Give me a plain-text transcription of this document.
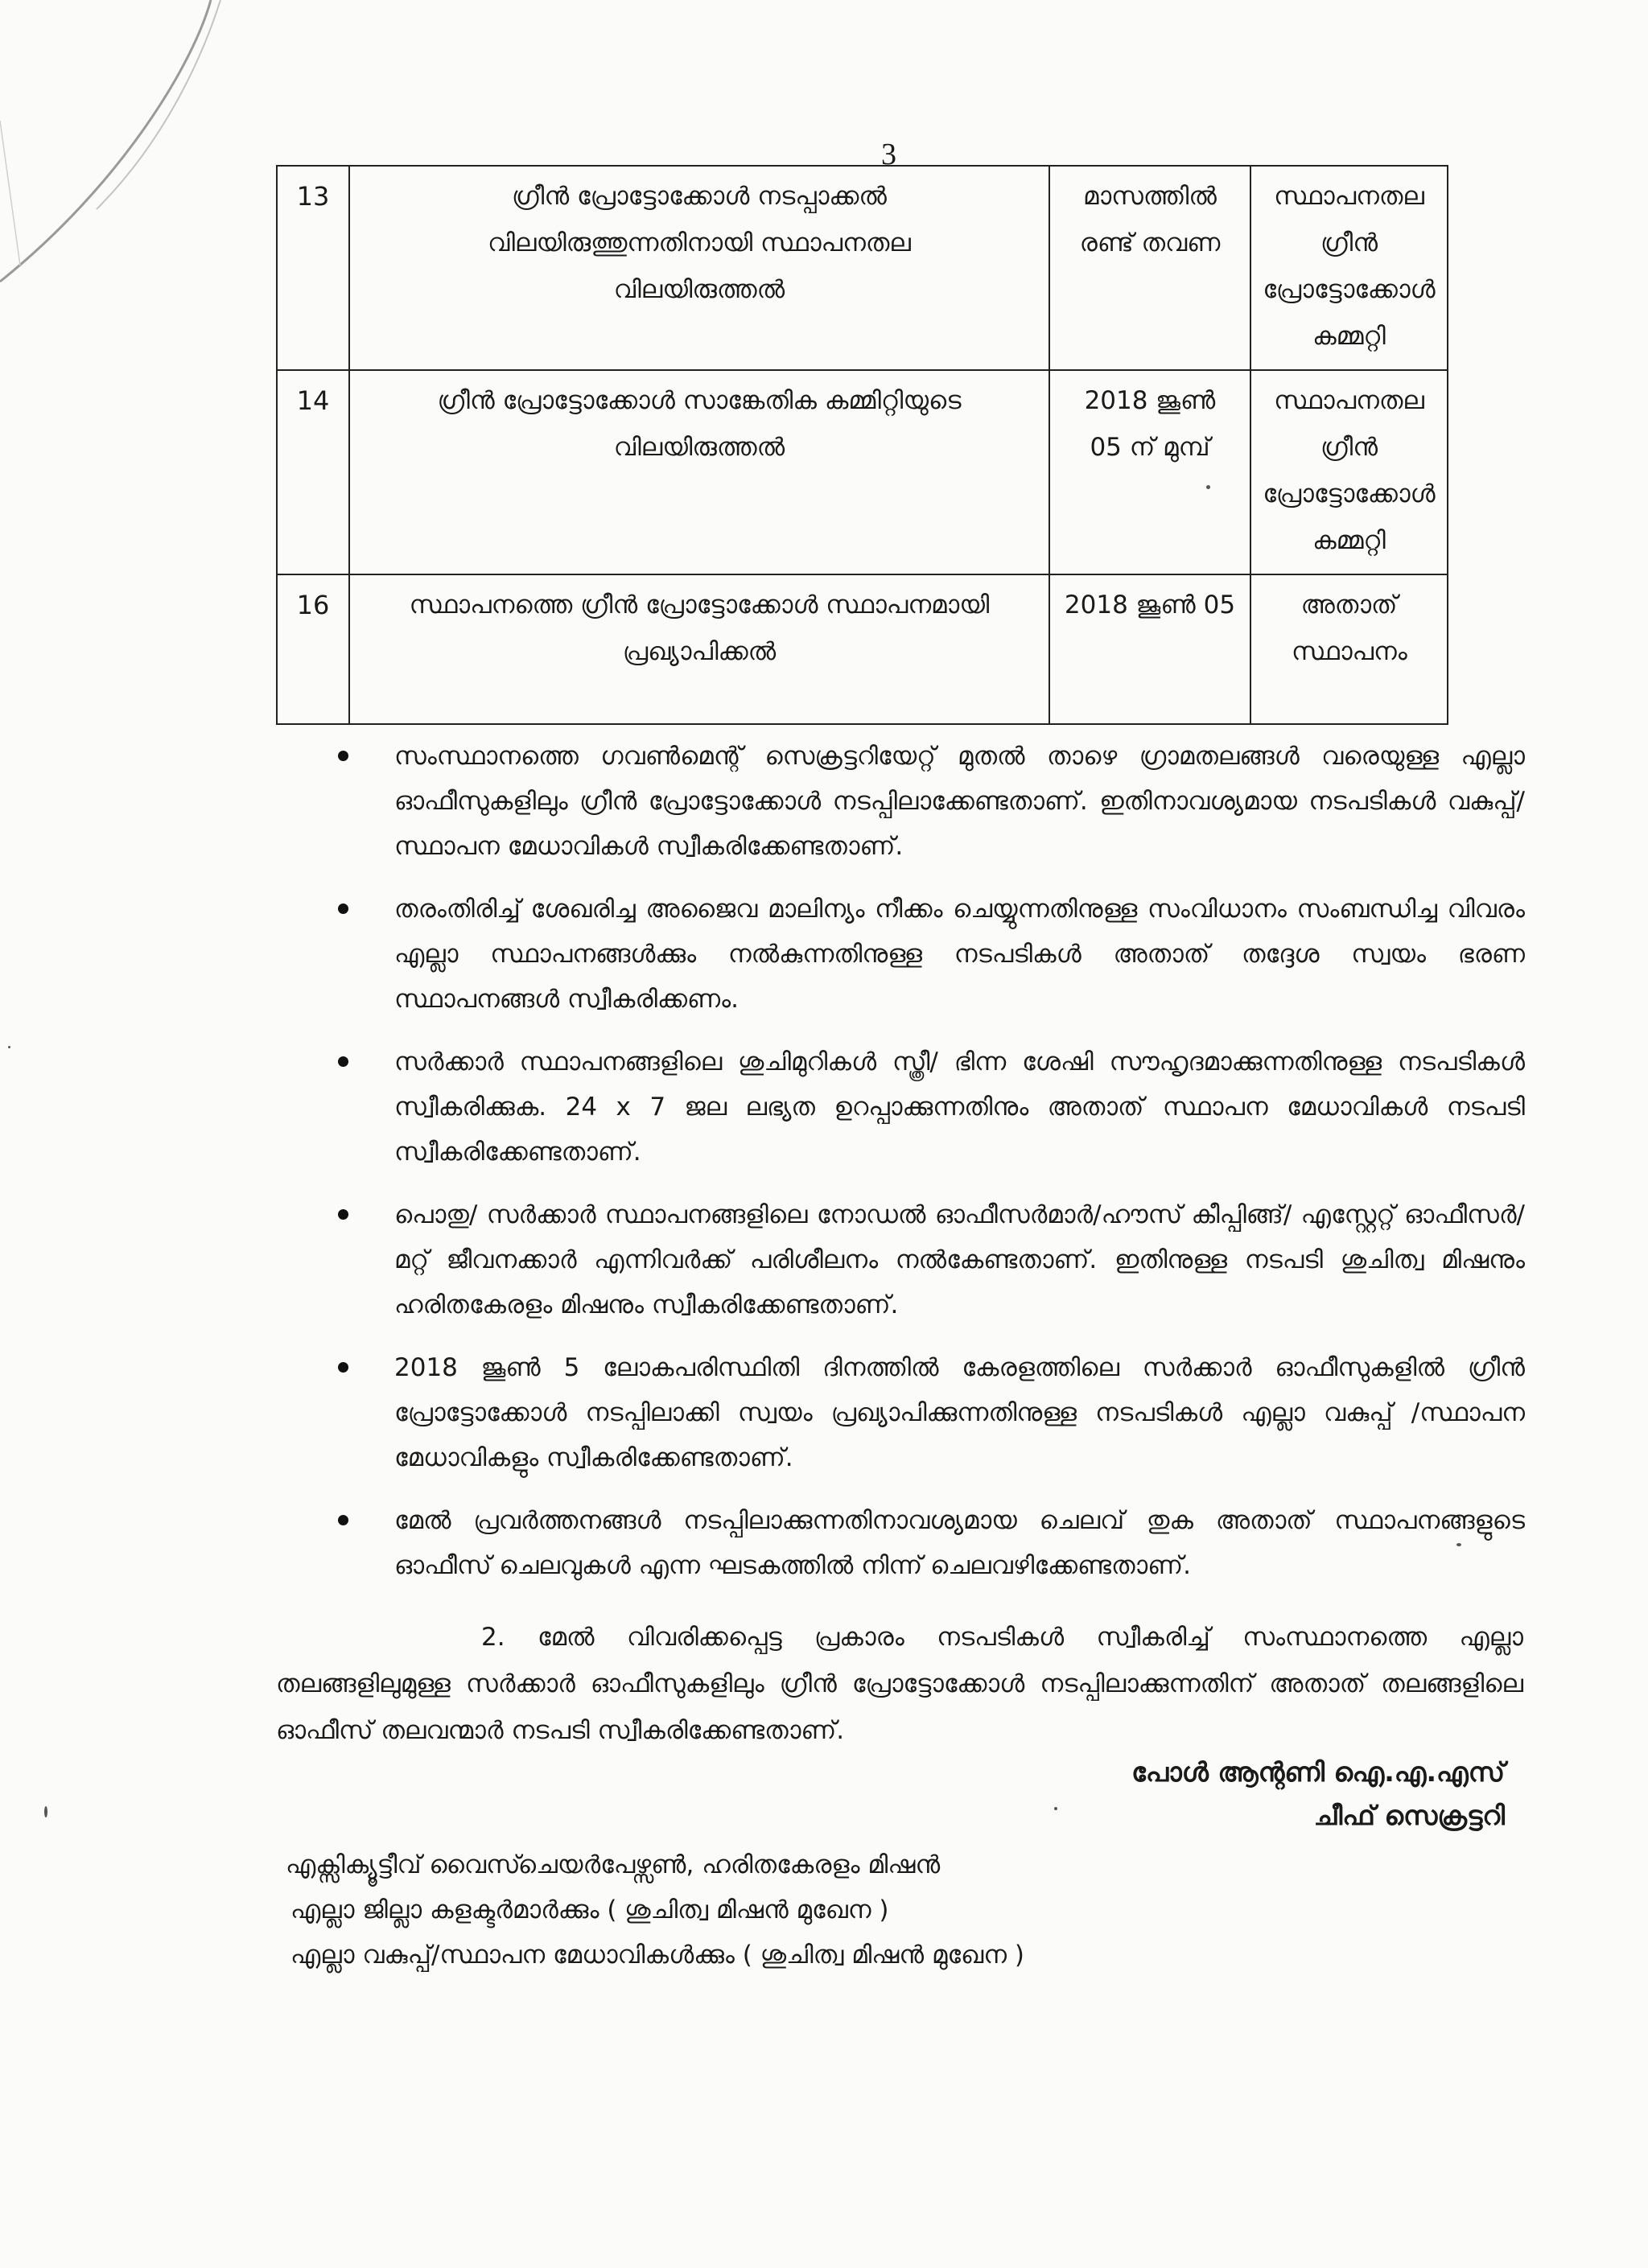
3
13	ഗ്രീൻ പ്രോട്ടോക്കോൾ നടപ്പാക്കൽ വിലയിരുത്തുന്നതിനായി സ്ഥാപനതല വിലയിരുത്തൽ	മാസത്തിൽ രണ്ട് തവണ	സ്ഥാപനതല ഗ്രീൻ പ്രോട്ടോക്കോൾ കമ്മറ്റി
14	ഗ്രീൻ പ്രോട്ടോക്കോൾ സാങ്കേതിക കമ്മിറ്റിയുടെ വിലയിരുത്തൽ	2018 ജൂൺ 05 ന് മുമ്പ്	സ്ഥാപനതല ഗ്രീൻ പ്രോട്ടോക്കോൾ കമ്മറ്റി
16	സ്ഥാപനത്തെ ഗ്രീൻ പ്രോട്ടോക്കോൾ സ്ഥാപനമായി പ്രഖ്യാപിക്കൽ	2018 ജൂൺ 05	അതാത് സ്ഥാപനം
സംസ്ഥാനത്തെ ഗവൺമെന്റ് സെക്രട്ടറിയേറ്റ് മുതൽ താഴെ ഗ്രാമതലങ്ങൾ വരെയുള്ള എല്ലാ ഓഫീസുകളിലും ഗ്രീൻ പ്രോട്ടോക്കോൾ നടപ്പിലാക്കേണ്ടതാണ്. ഇതിനാവശ്യമായ നടപടികൾ വകുപ്പ്/ സ്ഥാപന മേധാവികൾ സ്വീകരിക്കേണ്ടതാണ്.
തരംതിരിച്ച് ശേഖരിച്ച അജൈവ മാലിന്യം നീക്കം ചെയ്യുന്നതിനുള്ള സംവിധാനം സംബന്ധിച്ച വിവരം എല്ലാ സ്ഥാപനങ്ങൾക്കും നൽകുന്നതിനുള്ള നടപടികൾ അതാത് തദ്ദേശ സ്വയം ഭരണ സ്ഥാപനങ്ങൾ സ്വീകരിക്കണം.
സർക്കാർ സ്ഥാപനങ്ങളിലെ ശുചിമുറികൾ സ്ത്രീ/ ഭിന്ന ശേഷി സൗഹൃദമാക്കുന്നതിനുള്ള നടപടികൾ സ്വീകരിക്കുക. 24 x 7 ജല ലഭ്യത ഉറപ്പാക്കുന്നതിനും അതാത് സ്ഥാപന മേധാവികൾ നടപടി സ്വീകരിക്കേണ്ടതാണ്.
പൊതു/ സർക്കാർ സ്ഥാപനങ്ങളിലെ നോഡൽ ഓഫീസർമാർ/ഹൗസ് കീപ്പിങ്ങ്/ എസ്റ്റേറ്റ് ഓഫീസർ/ മറ്റ് ജീവനക്കാർ എന്നിവർക്ക് പരിശീലനം നൽകേണ്ടതാണ്. ഇതിനുള്ള നടപടി ശുചിത്വ മിഷനും ഹരിതകേരളം മിഷനും സ്വീകരിക്കേണ്ടതാണ്.
2018 ജൂൺ 5 ലോകപരിസ്ഥിതി ദിനത്തിൽ കേരളത്തിലെ സർക്കാർ ഓഫീസുകളിൽ ഗ്രീൻ പ്രോട്ടോക്കോൾ നടപ്പിലാക്കി സ്വയം പ്രഖ്യാപിക്കുന്നതിനുള്ള നടപടികൾ എല്ലാ വകുപ്പ് /സ്ഥാപന മേധാവികളും സ്വീകരിക്കേണ്ടതാണ്.
മേൽ പ്രവർത്തനങ്ങൾ നടപ്പിലാക്കുന്നതിനാവശ്യമായ ചെലവ് തുക അതാത് സ്ഥാപനങ്ങളുടെ ഓഫീസ് ചെലവുകൾ എന്ന ഘടകത്തിൽ നിന്ന് ചെലവഴിക്കേണ്ടതാണ്.

2. മേൽ വിവരിക്കപ്പെട്ട പ്രകാരം നടപടികൾ സ്വീകരിച്ച് സംസ്ഥാനത്തെ എല്ലാ തലങ്ങളിലുമുള്ള സർക്കാർ ഓഫീസുകളിലും ഗ്രീൻ പ്രോട്ടോക്കോൾ നടപ്പിലാക്കുന്നതിന് അതാത് തലങ്ങളിലെ ഓഫീസ് തലവന്മാർ നടപടി സ്വീകരിക്കേണ്ടതാണ്.

പോൾ ആന്റണി ഐ.എ.എസ്
ചീഫ് സെക്രട്ടറി
എക്സിക്യൂട്ടീവ് വൈസ്ചെയർപേഴ്സൺ, ഹരിതകേരളം മിഷൻ
എല്ലാ ജില്ലാ കളക്ടർമാർക്കും ( ശുചിത്വ മിഷൻ മുഖേന )
എല്ലാ വകുപ്പ്/സ്ഥാപന മേധാവികൾക്കും ( ശുചിത്വ മിഷൻ മുഖേന )
